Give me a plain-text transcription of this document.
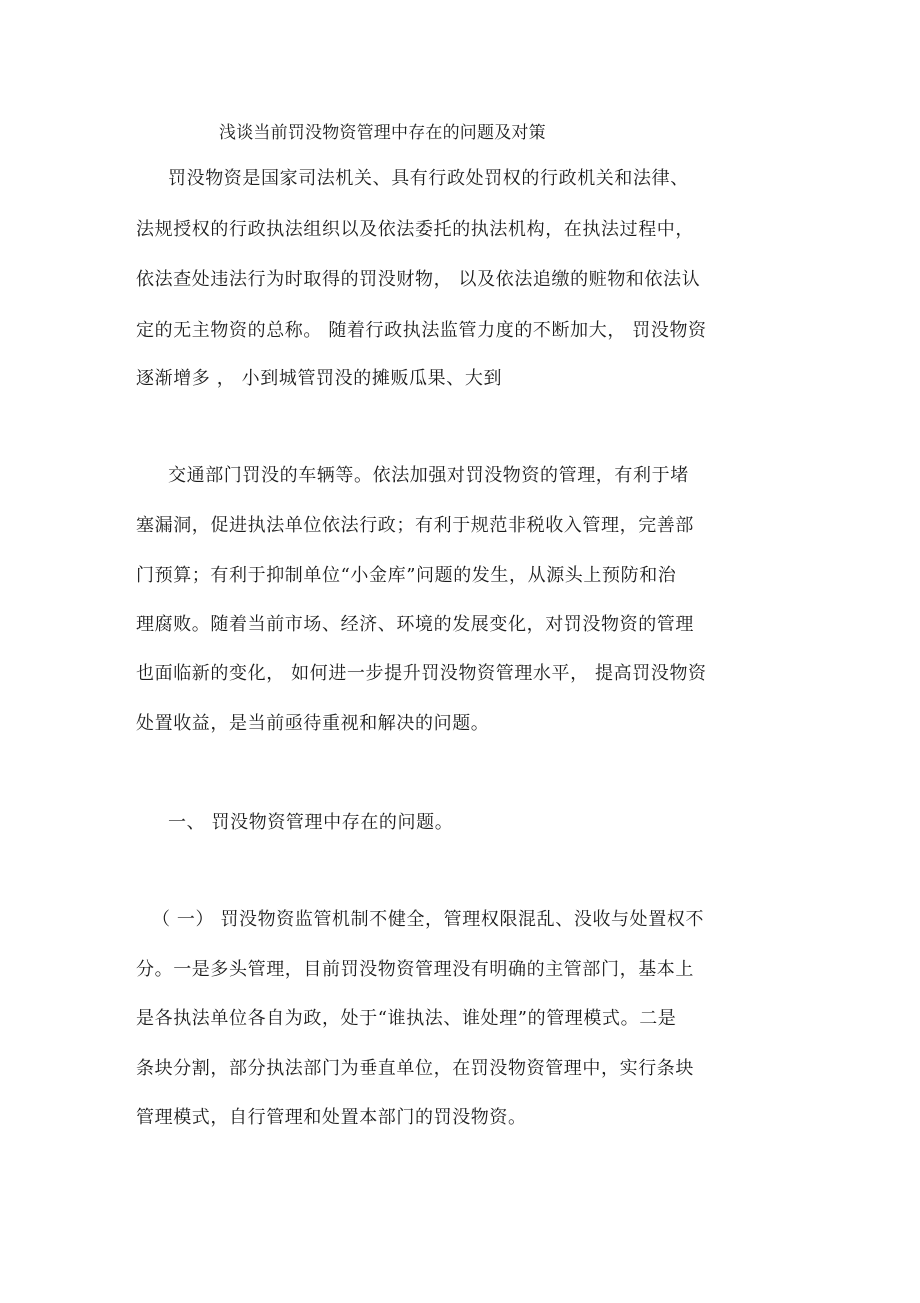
浅谈当前罚没物资管理中存在的问题及对策
罚没物资是国家司法机关、具有行政处罚权的行政机关和法律、
法规授权的行政执法组织以及依法委托的执法机构，在执法过程中，
依法查处违法行为时取得的罚没财物， 以及依法追缴的赃物和依法认
定的无主物资的总称。 随着行政执法监管力度的不断加大， 罚没物资
逐渐增多 ， 小到城管罚没的摊贩瓜果、大到
交通部门罚没的车辆等。依法加强对罚没物资的管理，有利于堵
塞漏洞，促进执法单位依法行政；有利于规范非税收入管理，完善部
门预算；有利于抑制单位“小金库”问题的发生，从源头上预防和治
理腐败。随着当前市场、经济、环境的发展变化，对罚没物资的管理
也面临新的变化， 如何进一步提升罚没物资管理水平， 提高罚没物资
处置收益，是当前亟待重视和解决的问题。
一、 罚没物资管理中存在的问题。
（ 一） 罚没物资监管机制不健全，管理权限混乱、没收与处置权不
分。一是多头管理，目前罚没物资管理没有明确的主管部门，基本上
是各执法单位各自为政，处于“谁执法、谁处理”的管理模式。二是
条块分割，部分执法部门为垂直单位，在罚没物资管理中，实行条块
管理模式，自行管理和处置本部门的罚没物资。
